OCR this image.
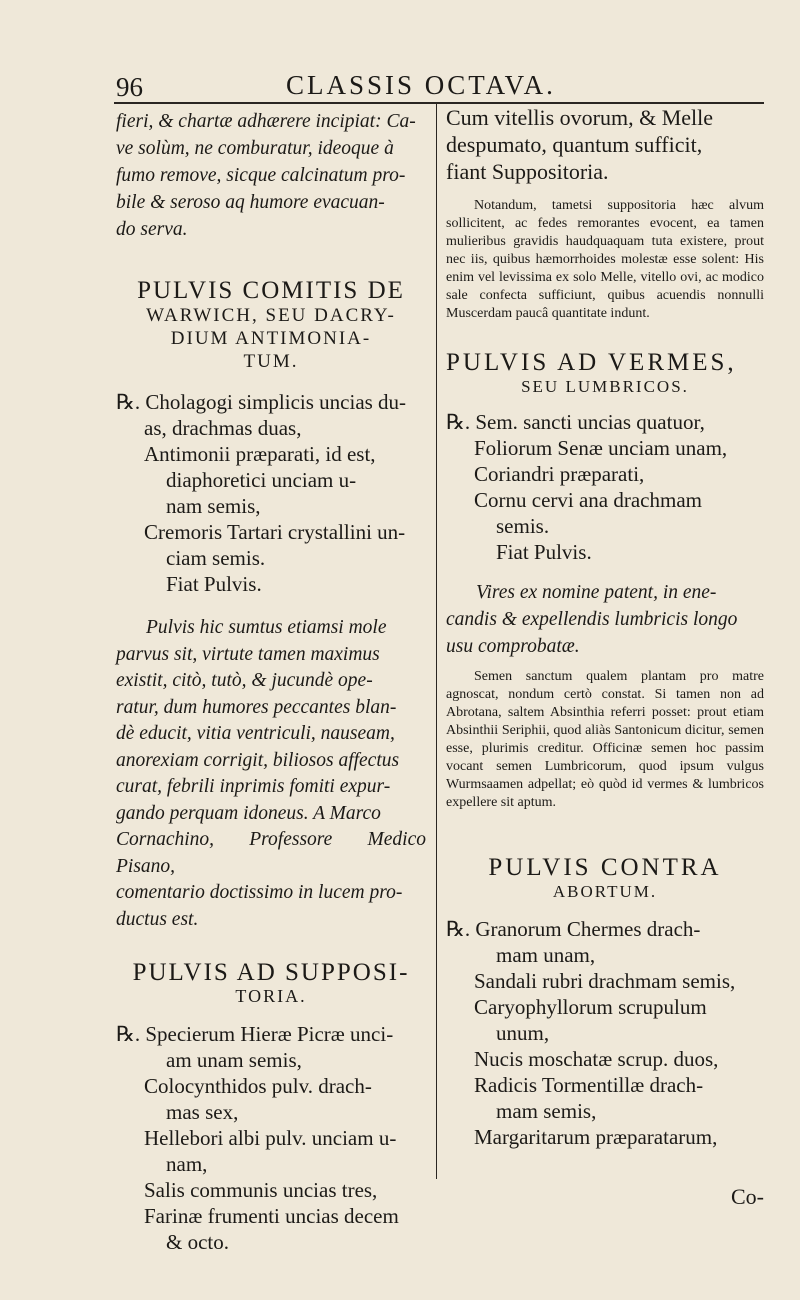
96	CLASSIS OCTAVA.
fieri, & chartæ adhærere incipiat: Ca-
ve solùm, ne comburatur, ideoque à
fumo remove, sicque calcinatum pro-
bile & seroso aq humore evacuan-
do serva.
PULVIS COMITIS DE
WARWICH, SEU DACRY-
DIUM ANTIMONIA-
TUM.
℞. Cholagogi simplicis uncias du-
as, drachmas duas,
Antimonii præparati, id est,
diaphoretici unciam u-
nam semis,
Cremoris Tartari crystallini un-
ciam semis.
Fiat Pulvis.
Pulvis hic sumtus etiamsi mole
parvus sit, virtute tamen maximus
existit, citò, tutò, & jucundè ope-
ratur, dum humores peccantes blan-
dè educit, vitia ventriculi, nauseam,
anorexiam corrigit, biliosos affectus
curat, febrili inprimis fomiti expur-
gando perquam idoneus. A Marco
Cornachino, Professore Medico Pisano,
comentario doctissimo in lucem pro-
ductus est.
PULVIS AD SUPPOSI-
TORIA.
℞. Specierum Hieræ Picræ unci-
am unam semis,
Colocynthidos pulv. drach-
mas sex,
Hellebori albi pulv. unciam u-
nam,
Salis communis uncias tres,
Farinæ frumenti uncias decem
& octo.
Cum vitellis ovorum, & Melle
despumato, quantum sufficit,
fiant Suppositoria.

Notandum, tametsi suppositoria hæc alvum sollicitent, ac fedes remorantes evocent, ea tamen mulieribus gravidis haudquaquam tuta existere, prout nec iis, quibus hæmorrhoides molestæ esse solent: His enim vel levissima ex solo Melle, vitello ovi, ac modico sale confecta sufficiunt, quibus acuendis nonnulli Muscerdam paucâ quantitate indunt.

PULVIS AD VERMES,
SEU LUMBRICOS.
℞. Sem. sancti uncias quatuor,
Foliorum Senæ unciam unam,
Coriandri præparati,
Cornu cervi ana drachmam
semis.
Fiat Pulvis.
Vires ex nomine patent, in ene-
candis & expellendis lumbricis longo
usu comprobatæ.

Semen sanctum qualem plantam pro matre agnoscat, nondum certò constat. Si tamen non ad Abrotana, saltem Absinthia referri posset: prout etiam Absinthii Seriphii, quod aliàs Santonicum dicitur, semen esse, plurimis creditur. Officinæ semen hoc passim vocant semen Lumbricorum, quod ipsum vulgus Wurmsaamen adpellat; eò quòd id vermes & lumbricos expellere sit aptum.

PULVIS CONTRA
ABORTUM.
℞. Granorum Chermes drach-
mam unam,
Sandali rubri drachmam semis,
Caryophyllorum scrupulum
unum,
Nucis moschatæ scrup. duos,
Radicis Tormentillæ drach-
mam semis,
Margaritarum præparatarum,
Co-
